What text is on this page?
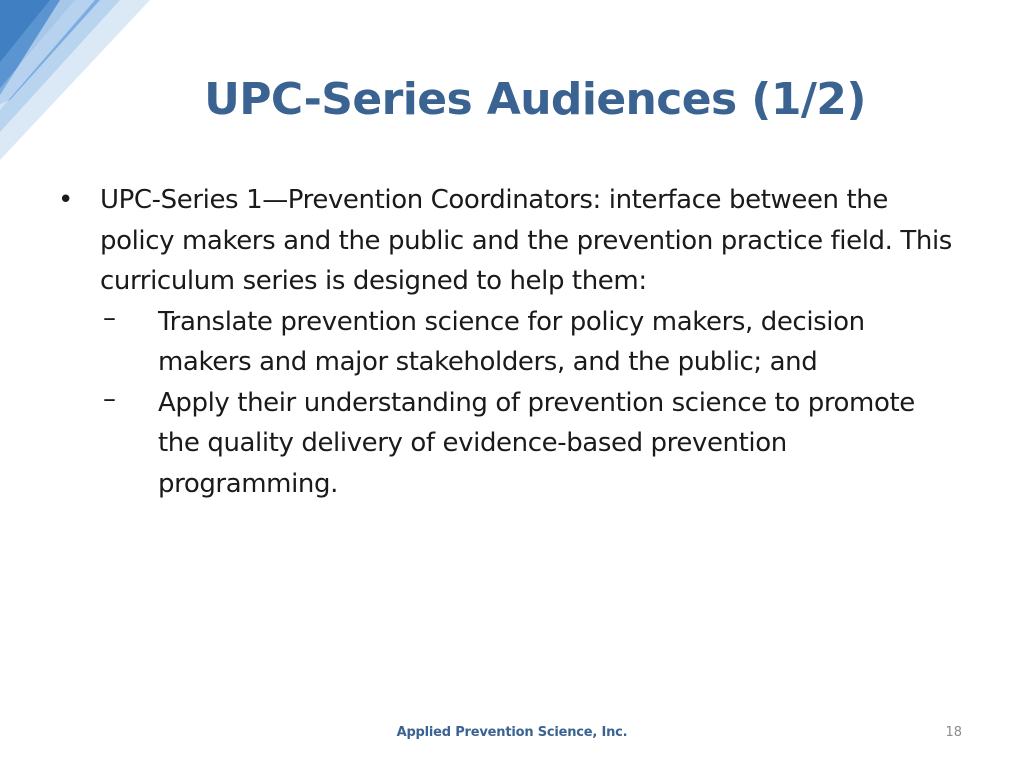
UPC-Series Audiences (1/2)
• UPC-Series 1—Prevention Coordinators: interface between the policy makers and the public and the prevention practice field. This curriculum series is designed to help them:
– Translate prevention science for policy makers, decision makers and major stakeholders, and the public; and
– Apply their understanding of prevention science to promote the quality delivery of evidence-based prevention programming.
Applied Prevention Science, Inc.	18
